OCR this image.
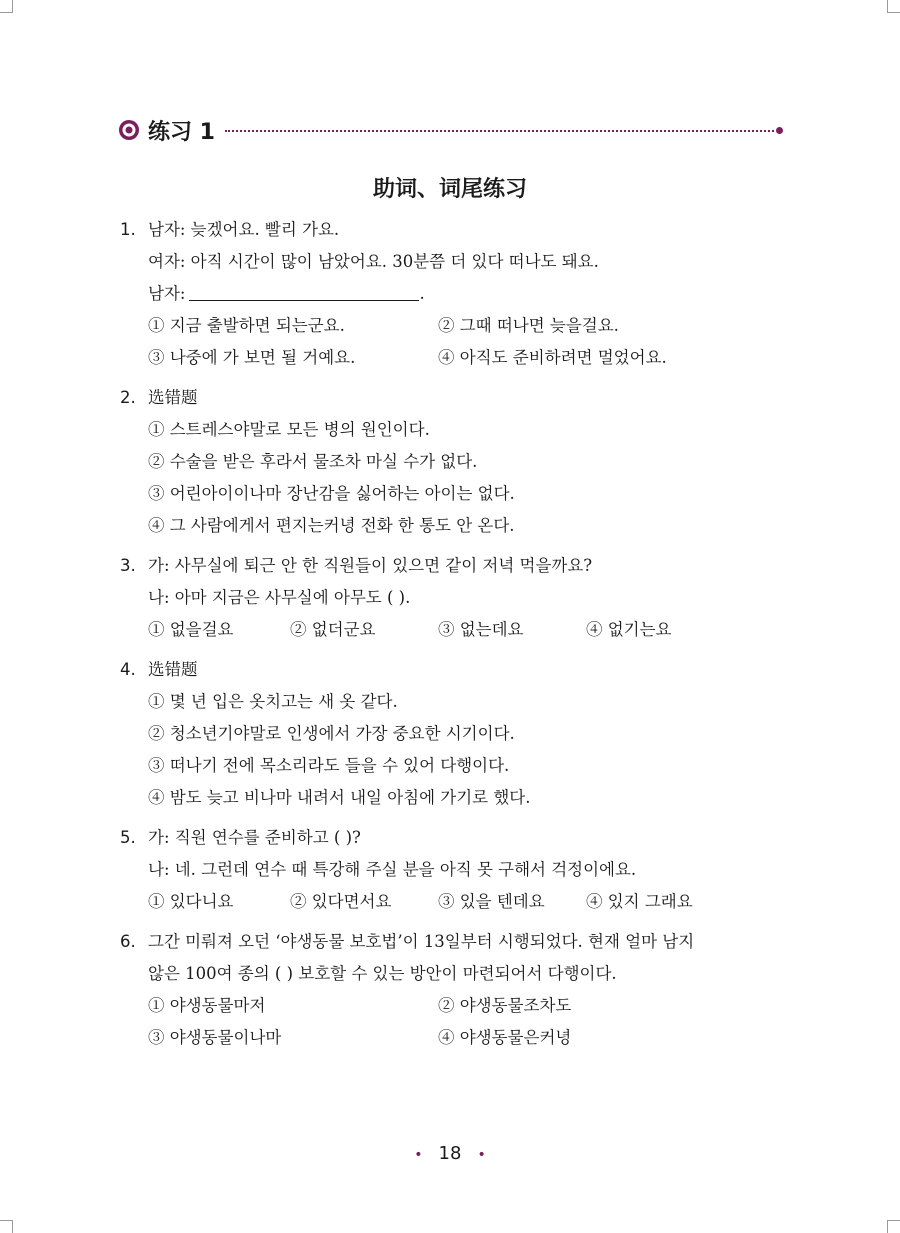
练习 1
助词、词尾练习
1. 남자: 늦겠어요. 빨리 가요.
여자: 아직 시간이 많이 남았어요. 30분쯤 더 있다 떠나도 돼요.
남자:	.
① 지금 출발하면 되는군요.	② 그때 떠나면 늦을걸요.
③ 나중에 가 보면 될 거예요.	④ 아직도 준비하려면 멀었어요.
2. 选错题
① 스트레스야말로 모든 병의 원인이다.
② 수술을 받은 후라서 물조차 마실 수가 없다.
③ 어린아이이나마 장난감을 싫어하는 아이는 없다.
④ 그 사람에게서 편지는커녕 전화 한 통도 안 온다.
3. 가: 사무실에 퇴근 안 한 직원들이 있으면 같이 저녁 먹을까요?
나: 아마 지금은 사무실에 아무도 ( ).
① 없을걸요	② 없더군요	③ 없는데요	④ 없기는요
4. 选错题
① 몇 년 입은 옷치고는 새 옷 같다.
② 청소년기야말로 인생에서 가장 중요한 시기이다.
③ 떠나기 전에 목소리라도 들을 수 있어 다행이다.
④ 밤도 늦고 비나마 내려서 내일 아침에 가기로 했다.
5. 가: 직원 연수를 준비하고 ( )?
나: 네. 그런데 연수 때 특강해 주실 분을 아직 못 구해서 걱정이에요.
① 있다니요	② 있다면서요	③ 있을 텐데요	④ 있지 그래요
6. 그간 미뤄져 오던 ‘야생동물 보호법’이 13일부터 시행되었다. 현재 얼마 남지
않은 100여 종의 ( ) 보호할 수 있는 방안이 마련되어서 다행이다.
① 야생동물마저	② 야생동물조차도
③ 야생동물이나마	④ 야생동물은커녕
• 18 •
